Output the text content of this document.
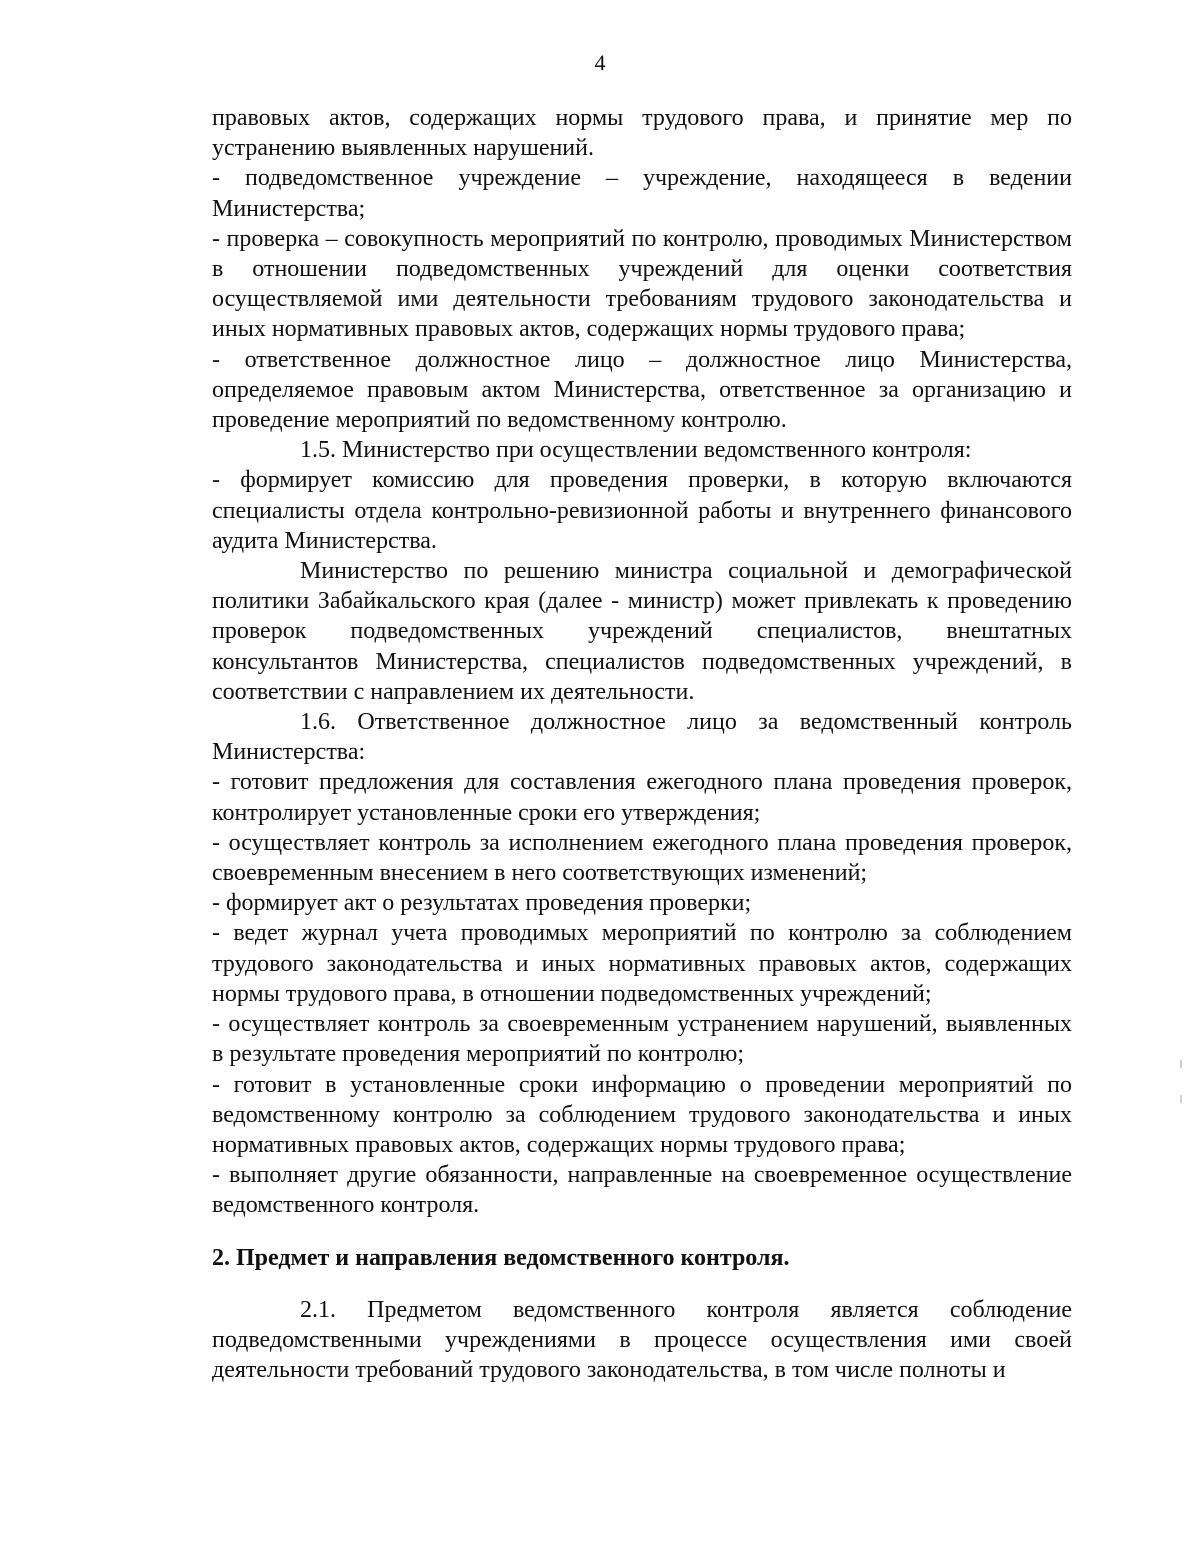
4

правовых актов, содержащих нормы трудового права, и принятие мер по устранению выявленных нарушений.

- подведомственное учреждение – учреждение, находящееся в ведении Министерства;

- проверка – совокупность мероприятий по контролю, проводимых Министерством в отношении подведомственных учреждений для оценки соответствия осуществляемой ими деятельности требованиям трудового законодательства и иных нормативных правовых актов, содержащих нормы трудового права;

- ответственное должностное лицо – должностное лицо Министерства, определяемое правовым актом Министерства, ответственное за организацию и проведение мероприятий по ведомственному контролю.

1.5. Министерство при осуществлении ведомственного контроля:

- формирует комиссию для проведения проверки, в которую включаются специалисты отдела контрольно-ревизионной работы и внутреннего финансового аудита Министерства.

Министерство по решению министра социальной и демографической политики Забайкальского края (далее - министр) может привлекать к проведению проверок подведомственных учреждений специалистов, внештатных консультантов Министерства, специалистов подведомственных учреждений, в соответствии с направлением их деятельности.

1.6. Ответственное должностное лицо за ведомственный контроль Министерства:

- готовит предложения для составления ежегодного плана проведения проверок, контролирует установленные сроки его утверждения;

- осуществляет контроль за исполнением ежегодного плана проведения проверок, своевременным внесением в него соответствующих изменений;

- формирует акт о результатах проведения проверки;

- ведет журнал учета проводимых мероприятий по контролю за соблюдением трудового законодательства и иных нормативных правовых актов, содержащих нормы трудового права, в отношении подведомственных учреждений;

- осуществляет контроль за своевременным устранением нарушений, выявленных в результате проведения мероприятий по контролю;

- готовит в установленные сроки информацию о проведении мероприятий по ведомственному контролю за соблюдением трудового законодательства и иных нормативных правовых актов, содержащих нормы трудового права;

- выполняет другие обязанности, направленные на своевременное осуществление ведомственного контроля.

2. Предмет и направления ведомственного контроля.

2.1. Предметом ведомственного контроля является соблюдение подведомственными учреждениями в процессе осуществления ими своей деятельности требований трудового законодательства, в том числе полноты и
